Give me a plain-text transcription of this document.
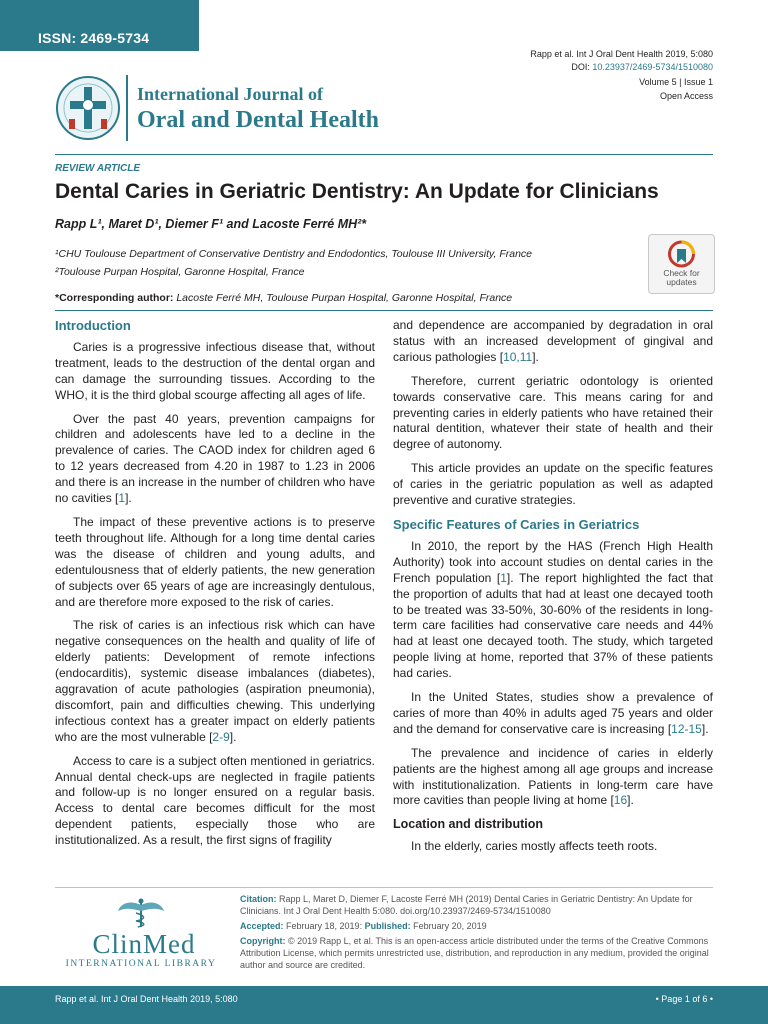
ISSN: 2469-5734
Rapp et al. Int J Oral Dent Health 2019, 5:080
DOI: 10.23937/2469-5734/1510080
Volume 5 | Issue 1
Open Access
International Journal of
Oral and Dental Health
REVIEW ARTICLE
Dental Caries in Geriatric Dentistry: An Update for Clinicians
Rapp L¹, Maret D¹, Diemer F¹ and Lacoste Ferré MH²*
¹CHU Toulouse Department of Conservative Dentistry and Endodontics, Toulouse III University, France
²Toulouse Purpan Hospital, Garonne Hospital, France	Check for
updates
*Corresponding author: Lacoste Ferré MH, Toulouse Purpan Hospital, Garonne Hospital, France
Introduction

Caries is a progressive infectious disease that, without treatment, leads to the destruction of the dental organ and can damage the surrounding tissues. According to the WHO, it is the third global scourge affecting all ages of life.

Over the past 40 years, prevention campaigns for children and adolescents have led to a decline in the prevalence of caries. The CAOD index for children aged 6 to 12 years decreased from 4.20 in 1987 to 1.23 in 2006 and there is an increase in the number of children who have no cavities [1].

The impact of these preventive actions is to preserve teeth throughout life. Although for a long time dental caries was the disease of children and young adults, and edentulousness that of elderly patients, the new generation of subjects over 65 years of age are increasingly dentulous, and are therefore more exposed to the risk of caries.

The risk of caries is an infectious risk which can have negative consequences on the health and quality of life of elderly patients: Development of remote infections (endocarditis), systemic disease imbalances (diabetes), aggravation of acute pathologies (aspiration pneumonia), discomfort, pain and difficulties chewing. This underlying infectious context has a greater impact on elderly patients who are the most vulnerable [2-9].

Access to care is a subject often mentioned in geriatrics. Annual dental check-ups are neglected in fragile patients and follow-up is no longer ensured on a regular basis. Access to dental care becomes difficult for the most dependent patients, especially those who are institutionalized. As a result, the first signs of fragility

and dependence are accompanied by degradation in oral status with an increased development of gingival and carious pathologies [10,11].

Therefore, current geriatric odontology is oriented towards conservative care. This means caring for and preventing caries in elderly patients who have retained their natural dentition, whatever their state of health and their degree of autonomy.

This article provides an update on the specific features of caries in the geriatric population as well as adapted preventive and curative strategies.

Specific Features of Caries in Geriatrics

In 2010, the report by the HAS (French High Health Authority) took into account studies on dental caries in the French population [1]. The report highlighted the fact that the proportion of adults that had at least one decayed tooth to be treated was 33-50%, 30-60% of the residents in long-term care facilities had conservative care needs and 44% had at least one decayed tooth. The study, which targeted people living at home, reported that 37% of these patients had caries.

In the United States, studies show a prevalence of caries of more than 40% in adults aged 75 years and older and the demand for conservative care is increasing [12-15].

The prevalence and incidence of caries in elderly patients are the highest among all age groups and increase with institutionalization. Patients in long-term care have more cavities than people living at home [16].

Location and distribution

In the elderly, caries mostly affects teeth roots.

ClinMed
INTERNATIONAL LIBRARY

Citation: Rapp L, Maret D, Diemer F, Lacoste Ferré MH (2019) Dental Caries in Geriatric Dentistry: An Update for Clinicians. Int J Oral Dent Health 5:080. doi.org/10.23937/2469-5734/1510080

Accepted: February 18, 2019: Published: February 20, 2019

Copyright: © 2019 Rapp L, et al. This is an open-access article distributed under the terms of the Creative Commons Attribution License, which permits unrestricted use, distribution, and reproduction in any medium, provided the original author and source are credited.

Rapp et al. Int J Oral Dent Health 2019, 5:080	• Page 1 of 6 •
